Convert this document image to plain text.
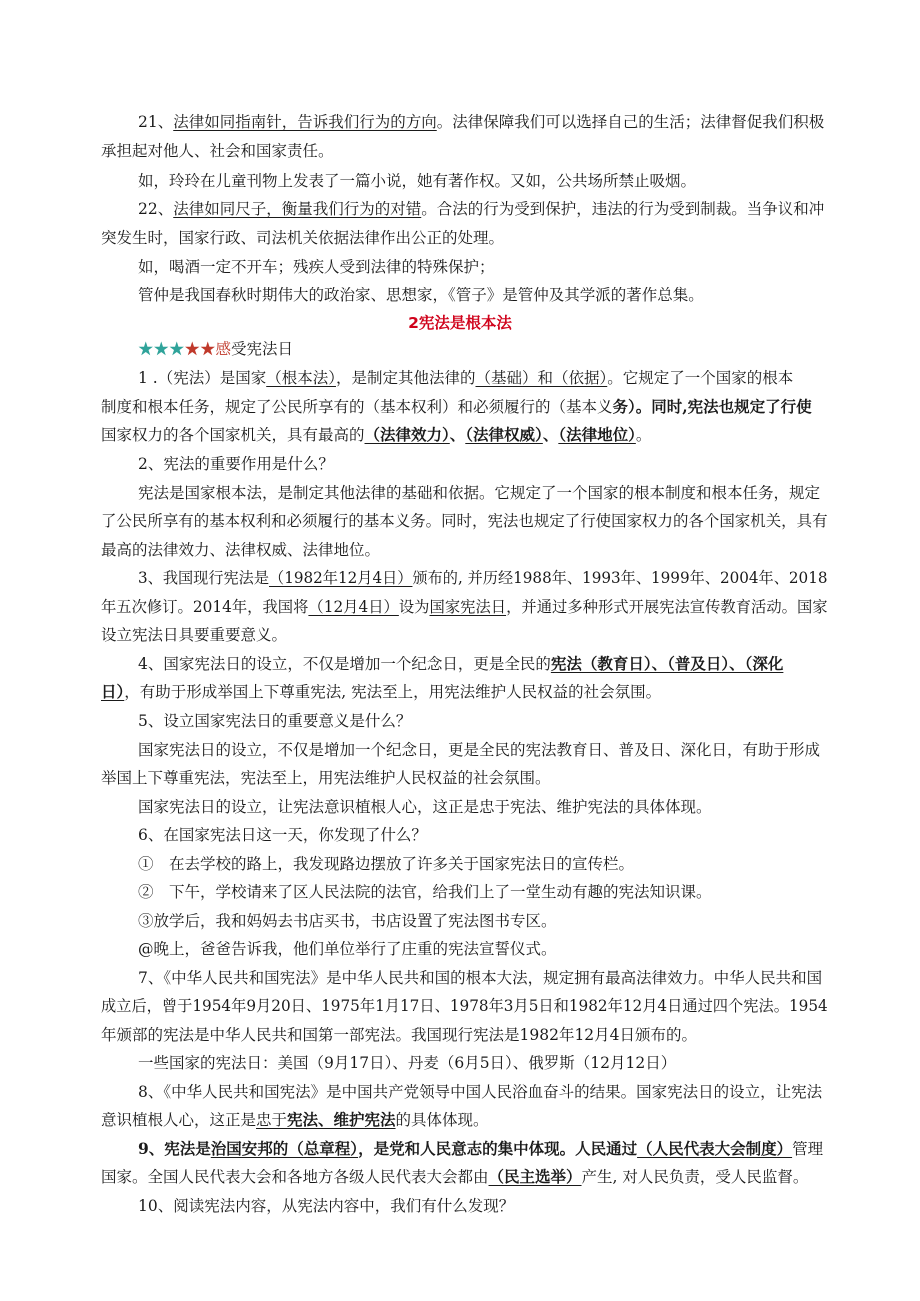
21、法律如同指南针，告诉我们行为的方向。法律保障我们可以选择自己的生活；法律督促我们积极
承担起对他人、社会和国家责任。
如，玲玲在儿童刊物上发表了一篇小说，她有著作权。又如，公共场所禁止吸烟。
22、法律如同尺子，衡量我们行为的对错。合法的行为受到保护，违法的行为受到制裁。当争议和冲
突发生时，国家行政、司法机关依据法律作出公正的处理。
如，喝酒一定不开车；残疾人受到法律的特殊保护；
管仲是我国春秋时期伟大的政治家、思想家，《管子》是管仲及其学派的著作总集。
2宪法是根本法
★★★★★感受宪法日
1 .（宪法）是国家（根本法），是制定其他法律的（基础）和（依据）。它规定了一个国家的根本
制度和根本任务，规定了公民所享有的（基本权利）和必须履行的（基本义务）。同时,宪法也规定了行使
国家权力的各个国家机关，具有最高的（法律效力）、（法律权威）、（法律地位）。
2、宪法的重要作用是什么？
宪法是国家根本法，是制定其他法律的基础和依据。它规定了一个国家的根本制度和根本任务，规定
了公民所享有的基本权利和必须履行的基本义务。同时，宪法也规定了行使国家权力的各个国家机关，具有
最高的法律效力、法律权威、法律地位。
3、我国现行宪法是（1982年12月4日）颁布的, 并历经1988年、1993年、1999年、2004年、2018
年五次修订。2014年，我国将（12月4日）设为国家宪法日，并通过多种形式开展宪法宣传教育活动。国家
设立宪法日具要重要意义。
4、国家宪法日的设立，不仅是增加一个纪念日，更是全民的宪法（教育日）、（普及日）、（深化
日），有助于形成举国上下尊重宪法, 宪法至上，用宪法维护人民权益的社会氛围。
5、设立国家宪法日的重要意义是什么？
国家宪法日的设立，不仅是增加一个纪念日，更是全民的宪法教育日、普及日、深化日，有助于形成
举国上下尊重宪法，宪法至上，用宪法维护人民权益的社会氛围。
国家宪法日的设立，让宪法意识植根人心，这正是忠于宪法、维护宪法的具体体现。
6、在国家宪法日这一天，你发现了什么？
①　在去学校的路上，我发现路边摆放了许多关于国家宪法日的宣传栏。
②　下午，学校请来了区人民法院的法官，给我们上了一堂生动有趣的宪法知识课。
③放学后，我和妈妈去书店买书，书店设置了宪法图书专区。
@晚上，爸爸告诉我，他们单位举行了庄重的宪法宣誓仪式。
7、《中华人民共和国宪法》是中华人民共和国的根本大法，规定拥有最高法律效力。中华人民共和国
成立后，曾于1954年9月20日、1975年1月17日、1978年3月5日和1982年12月4日通过四个宪法。1954
年颁部的宪法是中华人民共和国第一部宪法。我国现行宪法是1982年12月4日颁布的。
一些国家的宪法日：美国（9月17日）、丹麦（6月5日）、俄罗斯（12月12日）
8、《中华人民共和国宪法》是中国共产党领导中国人民浴血奋斗的结果。国家宪法日的设立，让宪法
意识植根人心，这正是忠于宪法、维护宪法的具体体现。
9、宪法是治国安邦的（总章程），是党和人民意志的集中体现。人民通过（人民代表大会制度）管理
国家。全国人民代表大会和各地方各级人民代表大会都由（民主选举）产生, 对人民负责，受人民监督。
10、阅读宪法内容，从宪法内容中，我们有什么发现？
